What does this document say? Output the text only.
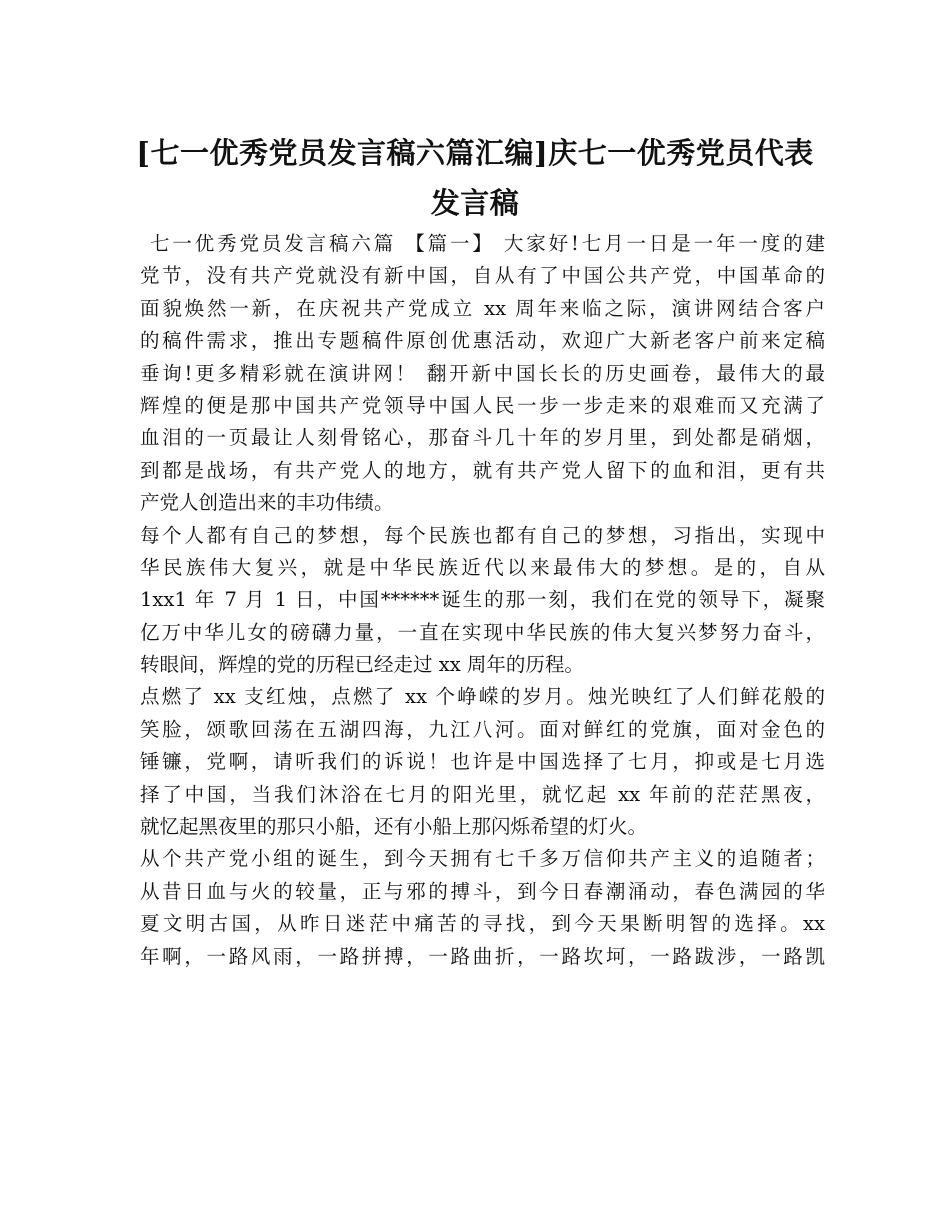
[七一优秀党员发言稿六篇汇编]庆七一优秀党员代表
发言稿
七一优秀党员发言稿六篇 【篇一】 大家好!七月一日是一年一度的建
党节，没有共产党就没有新中国，自从有了中国公共产党，中国革命的
面貌焕然一新，在庆祝共产党成立 xx 周年来临之际，演讲网结合客户
的稿件需求，推出专题稿件原创优惠活动，欢迎广大新老客户前来定稿
垂询!更多精彩就在演讲网！ 翻开新中国长长的历史画卷，最伟大的最
辉煌的便是那中国共产党领导中国人民一步一步走来的艰难而又充满了
血泪的一页最让人刻骨铭心，那奋斗几十年的岁月里，到处都是硝烟，
到都是战场，有共产党人的地方，就有共产党人留下的血和泪，更有共
产党人创造出来的丰功伟绩。
每个人都有自己的梦想，每个民族也都有自己的梦想，习指出，实现中
华民族伟大复兴，就是中华民族近代以来最伟大的梦想。是的，自从
1xx1 年 7 月 1 日，中国******诞生的那一刻，我们在党的领导下，凝聚
亿万中华儿女的磅礴力量，一直在实现中华民族的伟大复兴梦努力奋斗，
转眼间，辉煌的党的历程已经走过 xx 周年的历程。
点燃了 xx 支红烛，点燃了 xx 个峥嵘的岁月。烛光映红了人们鲜花般的
笑脸，颂歌回荡在五湖四海，九江八河。面对鲜红的党旗，面对金色的
锤镰，党啊，请听我们的诉说！也许是中国选择了七月，抑或是七月选
择了中国，当我们沐浴在七月的阳光里，就忆起 xx 年前的茫茫黑夜，
就忆起黑夜里的那只小船，还有小船上那闪烁希望的灯火。
从个共产党小组的诞生，到今天拥有七千多万信仰共产主义的追随者；
从昔日血与火的较量，正与邪的搏斗，到今日春潮涌动，春色满园的华
夏文明古国，从昨日迷茫中痛苦的寻找，到今天果断明智的选择。xx
年啊，一路风雨，一路拼搏，一路曲折，一路坎坷，一路跋涉，一路凯
